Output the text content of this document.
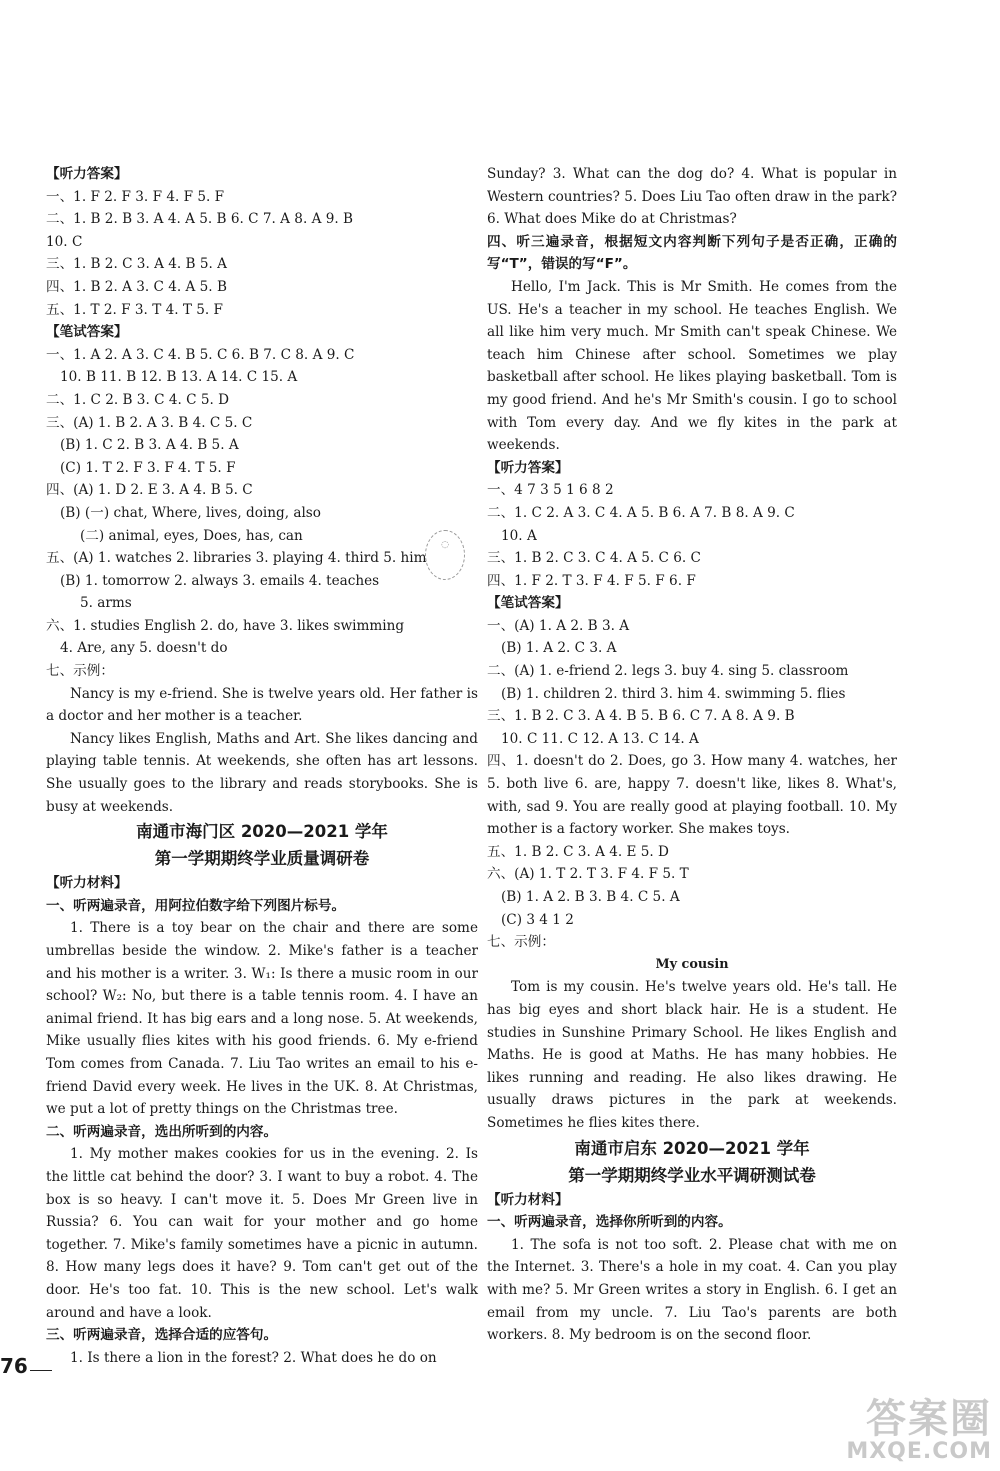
【听力答案】
一、1. F 2. F 3. F 4. F 5. F
二、1. B 2. B 3. A 4. A 5. B 6. C 7. A 8. A 9. B
10. C
三、1. B 2. C 3. A 4. B 5. A
四、1. B 2. A 3. C 4. A 5. B
五、1. T 2. F 3. T 4. T 5. F
【笔试答案】
一、1. A 2. A 3. C 4. B 5. C 6. B 7. C 8. A 9. C
10. B 11. B 12. B 13. A 14. C 15. A
二、1. C 2. B 3. C 4. C 5. D
三、(A) 1. B 2. A 3. B 4. C 5. C
(B) 1. C 2. B 3. A 4. B 5. A
(C) 1. T 2. F 3. F 4. T 5. F
四、(A) 1. D 2. E 3. A 4. B 5. C
(B) (一) chat, Where, lives, doing, also
(二) animal, eyes, Does, has, can
五、(A) 1. watches 2. libraries 3. playing 4. third 5. him
(B) 1. tomorrow 2. always 3. emails 4. teaches
5. arms
六、1. studies English 2. do, have 3. likes swimming
4. Are, any 5. doesn't do
七、示例：
Nancy is my e-friend. She is twelve years old. Her father is a doctor and her mother is a teacher.
Nancy likes English, Maths and Art. She likes dancing and playing table tennis. At weekends, she often has art lessons. She usually goes to the library and reads storybooks. She is busy at weekends.
南通市海门区 2020—2021 学年
第一学期期终学业质量调研卷
【听力材料】
一、听两遍录音，用阿拉伯数字给下列图片标号。
1. There is a toy bear on the chair and there are some umbrellas beside the window. 2. Mike's father is a teacher and his mother is a writer. 3. W₁: Is there a music room in our school? W₂: No, but there is a table tennis room. 4. I have an animal friend. It has big ears and a long nose. 5. At weekends, Mike usually flies kites with his good friends. 6. My e-friend Tom comes from Canada. 7. Liu Tao writes an email to his e-friend David every week. He lives in the UK. 8. At Christmas, we put a lot of pretty things on the Christmas tree.
二、听两遍录音，选出所听到的内容。
1. My mother makes cookies for us in the evening. 2. Is the little cat behind the door? 3. I want to buy a robot. 4. The box is so heavy. I can't move it. 5. Does Mr Green live in Russia? 6. You can wait for your mother and go home together. 7. Mike's family sometimes have a picnic in autumn. 8. How many legs does it have? 9. Tom can't get out of the door. He's too fat. 10. This is the new school. Let's walk around and have a look.
三、听两遍录音，选择合适的应答句。
1. Is there a lion in the forest? 2. What does he do on
Sunday? 3. What can the dog do? 4. What is popular in Western countries? 5. Does Liu Tao often draw in the park? 6. What does Mike do at Christmas?
四、听三遍录音，根据短文内容判断下列句子是否正确，正确的写“T”，错误的写“F”。
Hello, I'm Jack. This is Mr Smith. He comes from the US. He's a teacher in my school. He teaches English. We all like him very much. Mr Smith can't speak Chinese. We teach him Chinese after school. Sometimes we play basketball after school. He likes playing basketball. Tom is my good friend. And he's Mr Smith's cousin. I go to school with Tom every day. And we fly kites in the park at weekends.
【听力答案】
一、4 7 3 5 1 6 8 2
二、1. C 2. A 3. C 4. A 5. B 6. A 7. B 8. A 9. C
10. A
三、1. B 2. C 3. C 4. A 5. C 6. C
四、1. F 2. T 3. F 4. F 5. F 6. F
【笔试答案】
一、(A) 1. A 2. B 3. A
(B) 1. A 2. C 3. A
二、(A) 1. e-friend 2. legs 3. buy 4. sing 5. classroom
(B) 1. children 2. third 3. him 4. swimming 5. flies
三、1. B 2. C 3. A 4. B 5. B 6. C 7. A 8. A 9. B
10. C 11. C 12. A 13. C 14. A
四、1. doesn't do 2. Does, go 3. How many 4. watches, her 5. both live 6. are, happy 7. doesn't like, likes 8. What's, with, sad 9. You are really good at playing football. 10. My mother is a factory worker. She makes toys.
五、1. B 2. C 3. A 4. E 5. D
六、(A) 1. T 2. T 3. F 4. F 5. T
(B) 1. A 2. B 3. B 4. C 5. A
(C) 3 4 1 2
七、示例：
My cousin
Tom is my cousin. He's twelve years old. He's tall. He has big eyes and short black hair. He is a student. He studies in Sunshine Primary School. He likes English and Maths. He is good at Maths. He has many hobbies. He likes running and reading. He also likes drawing. He usually draws pictures in the park at weekends. Sometimes he flies kites there.
南通市启东 2020—2021 学年
第一学期期终学业水平调研测试卷
【听力材料】
一、听两遍录音，选择你所听到的内容。
1. The sofa is not too soft. 2. Please chat with me on the Internet. 3. There's a hole in my coat. 4. Can you play with me? 5. Mr Green writes a story in English. 6. I get an email from my uncle. 7. Liu Tao's parents are both workers. 8. My bedroom is on the second floor.
◌
76
答案圈
MXQE.COM
